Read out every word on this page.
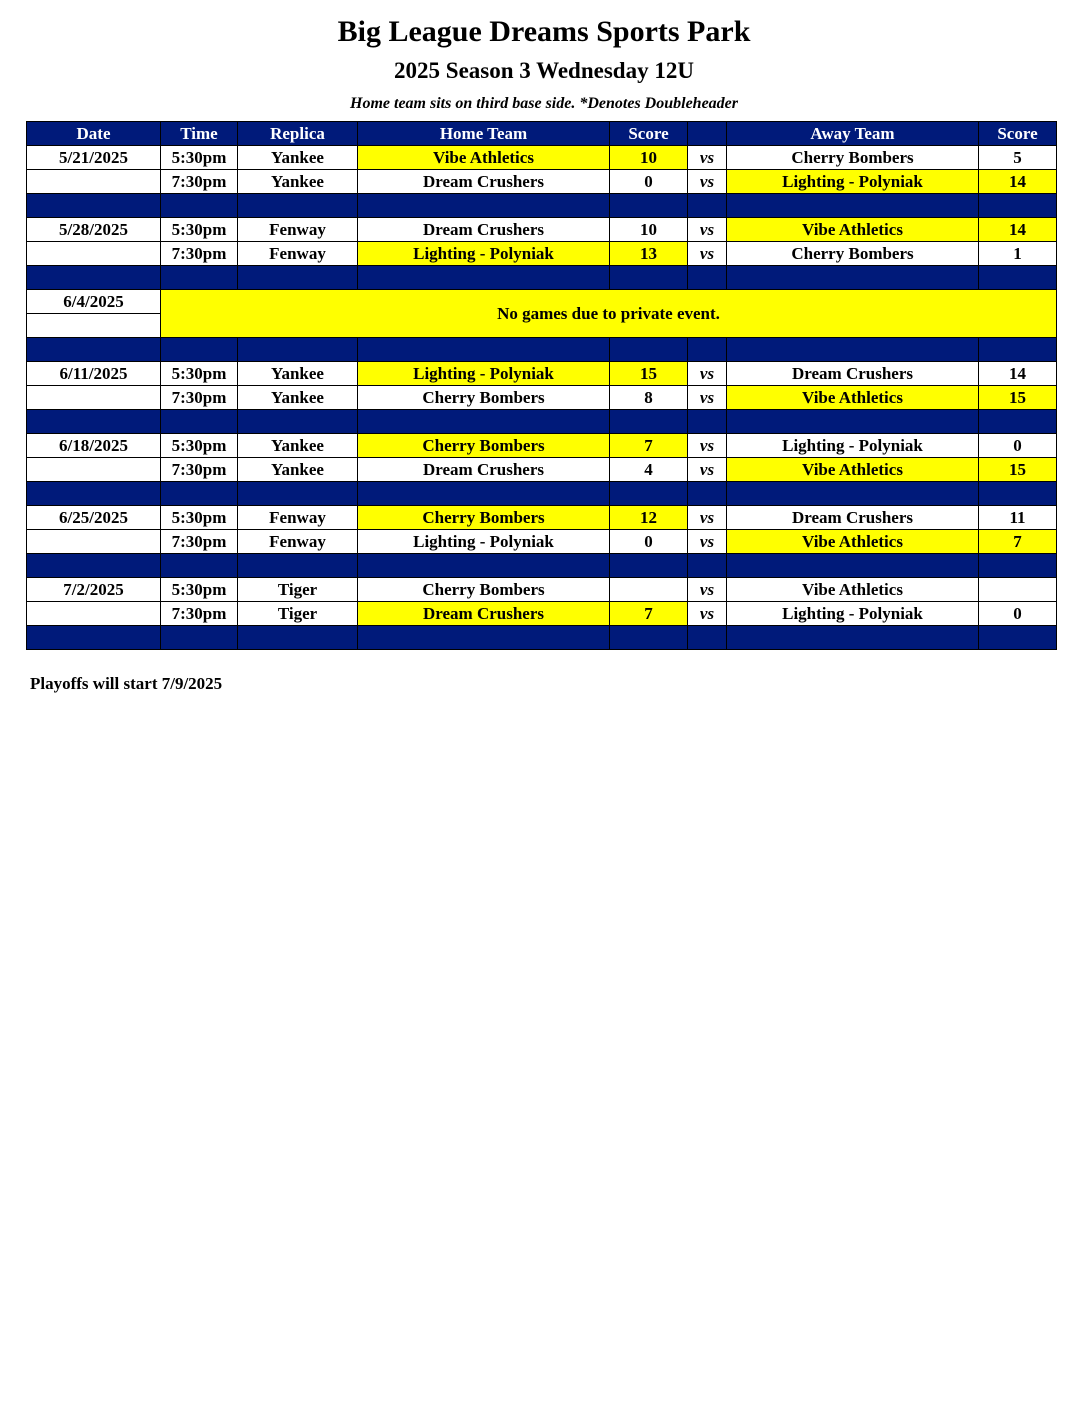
Big League Dreams Sports Park
2025 Season 3 Wednesday 12U
Home team sits on third base side. *Denotes Doubleheader
Date	Time	Replica	Home Team	Score		Away Team	Score
5/21/2025	5:30pm	Yankee	Vibe Athletics	10	vs	Cherry Bombers	5
	7:30pm	Yankee	Dream Crushers	0	vs	Lighting - Polyniak	14

5/28/2025	5:30pm	Fenway	Dream Crushers	10	vs	Vibe Athletics	14
	7:30pm	Fenway	Lighting - Polyniak	13	vs	Cherry Bombers	1

6/4/2025	No games due to private event.						

6/11/2025	5:30pm	Yankee	Lighting - Polyniak	15	vs	Dream Crushers	14
	7:30pm	Yankee	Cherry Bombers	8	vs	Vibe Athletics	15

6/18/2025	5:30pm	Yankee	Cherry Bombers	7	vs	Lighting - Polyniak	0
	7:30pm	Yankee	Dream Crushers	4	vs	Vibe Athletics	15

6/25/2025	5:30pm	Fenway	Cherry Bombers	12	vs	Dream Crushers	11
	7:30pm	Fenway	Lighting - Polyniak	0	vs	Vibe Athletics	7

7/2/2025	5:30pm	Tiger	Cherry Bombers		vs	Vibe Athletics	
	7:30pm	Tiger	Dream Crushers	7	vs	Lighting - Polyniak	0

Playoffs will start 7/9/2025
